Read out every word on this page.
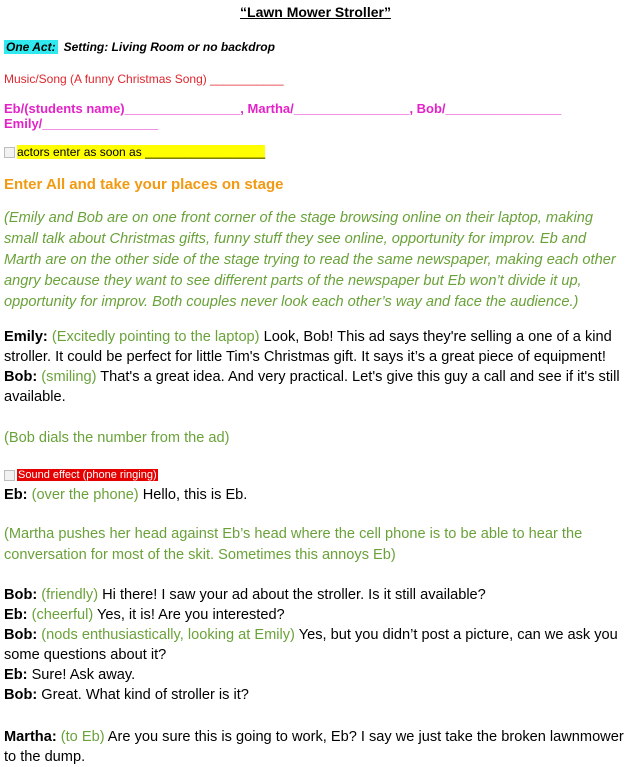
“Lawn Mower Stroller”
One Act: Setting: Living Room or no backdrop
Music/Song (A funny Christmas Song) ___________
Eb/(students name)________________, Martha/________________, Bob/________________ Emily/________________
actors enter as soon as __________________
Enter All and take your places on stage
(Emily and Bob are on one front corner of the stage browsing online on their laptop, making small talk about Christmas gifts, funny stuff they see online, opportunity for improv. Eb and Marth are on the other side of the stage trying to read the same newspaper, making each other angry because they want to see different parts of the newspaper but Eb won’t divide it up, opportunity for improv. Both couples never look each other’s way and face the audience.)
Emily: (Excitedly pointing to the laptop) Look, Bob! This ad says they're selling a one of a kind stroller. It could be perfect for little Tim's Christmas gift. It says it’s a great piece of equipment!
Bob: (smiling) That's a great idea. And very practical. Let's give this guy a call and see if it's still available.
(Bob dials the number from the ad)
Sound effect (phone ringing)
Eb: (over the phone) Hello, this is Eb.
(Martha pushes her head against Eb’s head where the cell phone is to be able to hear the conversation for most of the skit. Sometimes this annoys Eb)
Bob: (friendly) Hi there! I saw your ad about the stroller. Is it still available?
Eb: (cheerful) Yes, it is! Are you interested?
Bob: (nods enthusiastically, looking at Emily) Yes, but you didn’t post a picture, can we ask you some questions about it?
Eb: Sure! Ask away.
Bob: Great. What kind of stroller is it?
Martha: (to Eb) Are you sure this is going to work, Eb? I say we just take the broken lawnmower to the dump.
